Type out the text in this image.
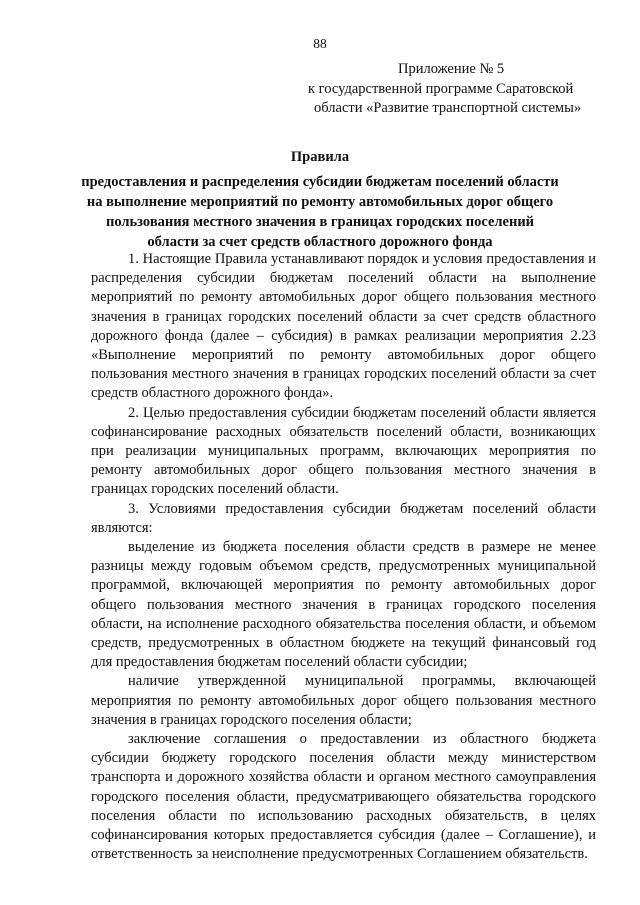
88
Приложение № 5
к государственной программе Саратовской
области «Развитие транспортной системы»
Правила
предоставления и распределения субсидии бюджетам поселений области
на выполнение мероприятий по ремонту автомобильных дорог общего
пользования местного значения в границах городских поселений
области за счет средств областного дорожного фонда

1. Настоящие Правила устанавливают порядок и условия предоставления и распределения субсидии бюджетам поселений области на выполнение мероприятий по ремонту автомобильных дорог общего пользования местного значения в границах городских поселений области за счет средств областного дорожного фонда (далее – субсидия) в рамках реализации мероприятия 2.23 «Выполнение мероприятий по ремонту автомобильных дорог общего пользования местного значения в границах городских поселений области за счет средств областного дорожного фонда».

2. Целью предоставления субсидии бюджетам поселений области является софинансирование расходных обязательств поселений области, возникающих при реализации муниципальных программ, включающих мероприятия по ремонту автомобильных дорог общего пользования местного значения в границах городских поселений области.

3. Условиями предоставления субсидии бюджетам поселений области являются:

выделение из бюджета поселения области средств в размере не менее разницы между годовым объемом средств, предусмотренных муниципальной программой, включающей мероприятия по ремонту автомобильных дорог общего пользования местного значения в границах городского поселения области, на исполнение расходного обязательства поселения области, и объемом средств, предусмотренных в областном бюджете на текущий финансовый год для предоставления бюджетам поселений области субсидии;

наличие утвержденной муниципальной программы, включающей мероприятия по ремонту автомобильных дорог общего пользования местного значения в границах городского поселения области;

заключение соглашения о предоставлении из областного бюджета субсидии бюджету городского поселения области между министерством транспорта и дорожного хозяйства области и органом местного самоуправления городского поселения области, предусматривающего обязательства городского поселения области по использованию расходных обязательств, в целях софинансирования которых предоставляется субсидия (далее – Соглашение), и ответственность за неисполнение предусмотренных Соглашением обязательств.
